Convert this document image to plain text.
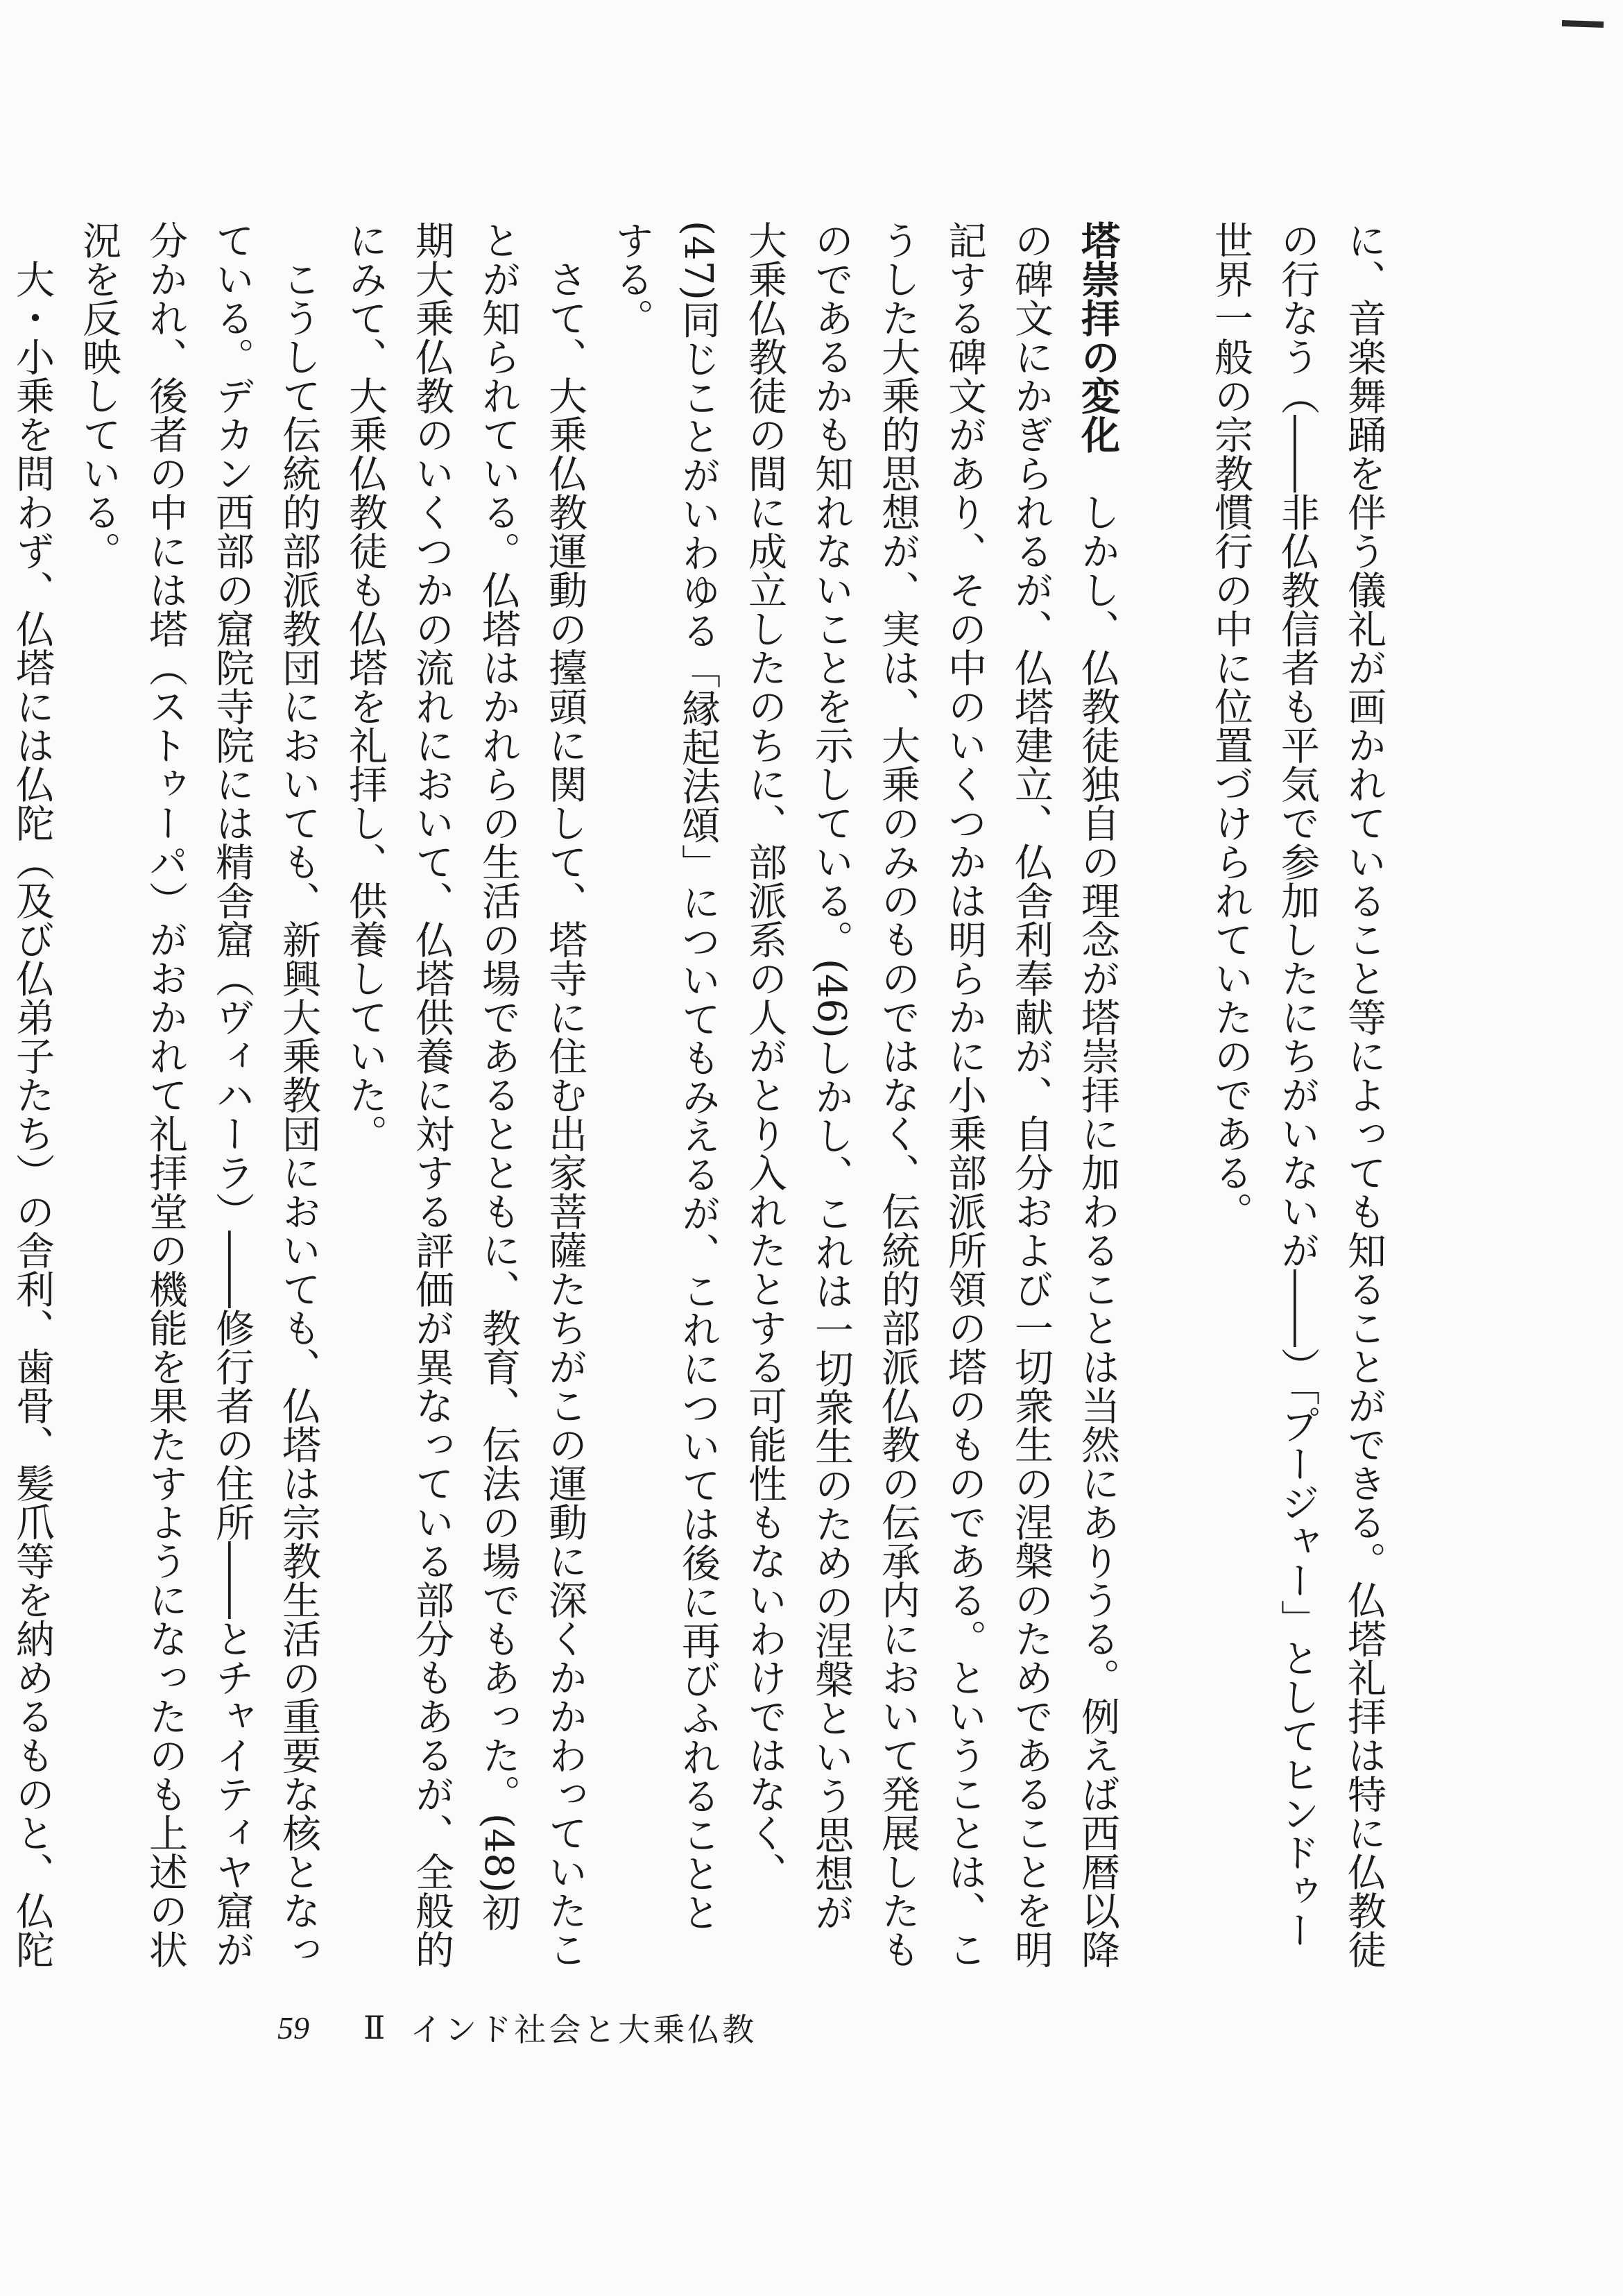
に、音楽舞踊を伴う儀礼が画かれていること等によっても知ることができる。仏塔礼拝は特に仏教徒の行なう（――非仏教信者も平気で参加したにちがいないが――）「プージャー」としてヒンドゥー世界一般の宗教慣行の中に位置づけられていたのである。

塔崇拝の変化　しかし、仏教徒独自の理念が塔崇拝に加わることは当然にありうる。例えば西暦以降の碑文にかぎられるが、仏塔建立、仏舎利奉献が、自分および一切衆生の涅槃のためであることを明記する碑文があり、その中のいくつかは明らかに小乗部派所領の塔のものである。ということは、こうした大乗的思想が、実は、大乗のみのものではなく、伝統的部派仏教の伝承内において発展したものであるかも知れないことを示している。(46)しかし、これは一切衆生のための涅槃という思想が大乗仏教徒の間に成立したのちに、部派系の人がとり入れたとする可能性もないわけではなく、(47)同じことがいわゆる「縁起法頌」についてもみえるが、これについては後に再びふれることとする。

さて、大乗仏教運動の擡頭に関して、塔寺に住む出家菩薩たちがこの運動に深くかかわっていたことが知られている。仏塔はかれらの生活の場であるとともに、教育、伝法の場でもあった。(48)初期大乗仏教のいくつかの流れにおいて、仏塔供養に対する評価が異なっている部分もあるが、全般的にみて、大乗仏教徒も仏塔を礼拝し、供養していた。

こうして伝統的部派教団においても、新興大乗教団においても、仏塔は宗教生活の重要な核となっている。デカン西部の窟院寺院には精舎窟（ヴィハーラ）――修行者の住所――とチャイティヤ窟が分かれ、後者の中には塔（ストゥーパ）がおかれて礼拝堂の機能を果たすようになったのも上述の状況を反映している。

大・小乗を問わず、仏塔には仏陀（及び仏弟子たち）の舎利、歯骨、髪爪等を納めるものと、仏陀

59 Ⅱ インド社会と大乗仏教
